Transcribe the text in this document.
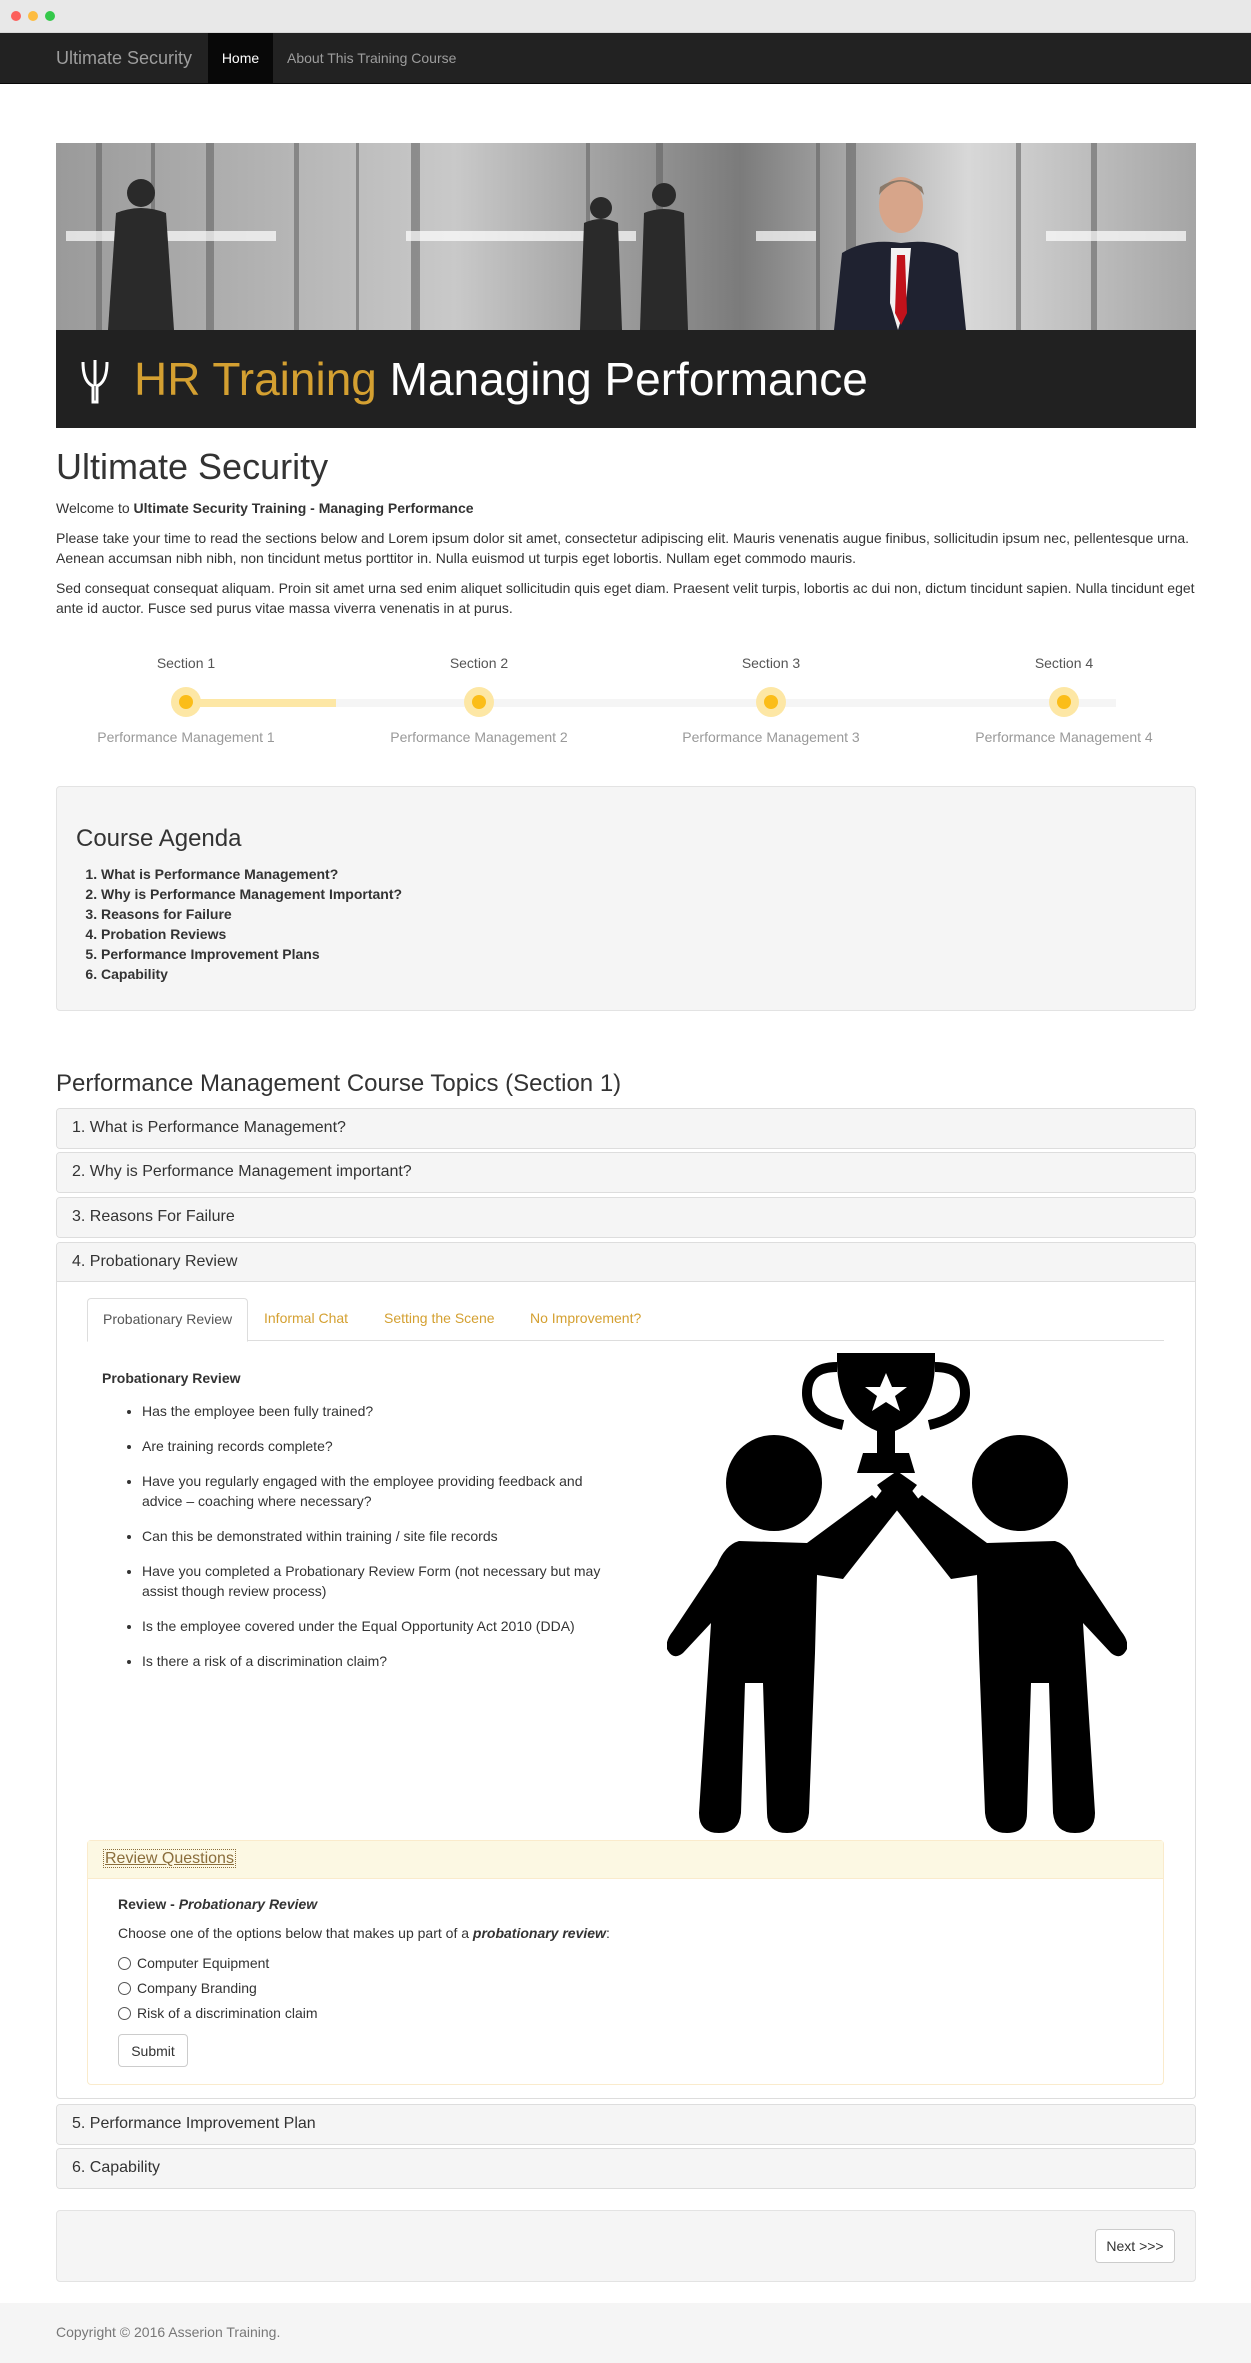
Ultimate Security	Home	About This Training Course
HR Training Managing Performance
Ultimate Security

Welcome to Ultimate Security Training - Managing Performance

Please take your time to read the sections below and Lorem ipsum dolor sit amet, consectetur adipiscing elit. Mauris venenatis augue finibus, sollicitudin ipsum nec, pellentesque urna. Aenean accumsan nibh nibh, non tincidunt metus porttitor in. Nulla euismod ut turpis eget lobortis. Nullam eget commodo mauris.

Sed consequat consequat aliquam. Proin sit amet urna sed enim aliquet sollicitudin quis eget diam. Praesent velit turpis, lobortis ac dui non, dictum tincidunt sapien. Nulla tincidunt eget ante id auctor. Fusce sed purus vitae massa viverra venenatis in at purus.

Section 1
Performance Management 1
Section 2
Performance Management 2
Section 3
Performance Management 3
Section 4
Performance Management 4
Course Agenda
1. What is Performance Management?
2. Why is Performance Management Important?
3. Reasons for Failure
4. Probation Reviews
5. Performance Improvement Plans
6. Capability
Performance Management Course Topics (Section 1)
1. What is Performance Management?
2. Why is Performance Management important?
3. Reasons For Failure
4. Probationary Review
Probationary Review	Informal Chat	Setting the Scene	No Improvement?
Probationary Review
• Has the employee been fully trained?
• Are training records complete?
• Have you regularly engaged with the employee providing feedback and advice – coaching where necessary?
• Can this be demonstrated within training / site file records
• Have you completed a Probationary Review Form (not necessary but may assist though review process)
• Is the employee covered under the Equal Opportunity Act 2010 (DDA)
• Is there a risk of a discrimination claim?
Review Questions
Review - Probationary Review
Choose one of the options below that makes up part of a probationary review:
Computer Equipment
Company Branding
Risk of a discrimination claim
Submit
5. Performance Improvement Plan
6. Capability
Next >>>

Copyright © 2016 Asserion Training.
